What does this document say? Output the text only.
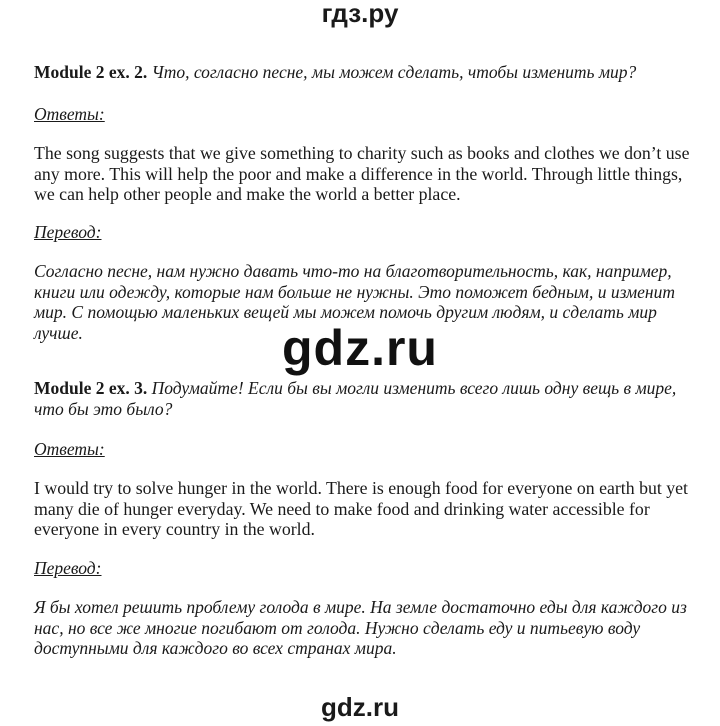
гдз.ру

Module 2 ex. 2. Что, согласно песне, мы можем сделать, чтобы изменить мир?

Ответы:

The song suggests that we give something to charity such as books and clothes we don’t use any more. This will help the poor and make a difference in the world. Through little things, we can help other people and make the world a better place.

Перевод:

Согласно песне, нам нужно давать что-то на благотворительность, как, например, книги или одежду, которые нам больше не нужны. Это поможет бедным, и изменит мир. С помощью маленьких вещей мы можем помочь другим людям, и сделать мир лучше.	gdz.ru

Module 2 ex. 3. Подумайте! Если бы вы могли изменить всего лишь одну вещь в мире, что бы это было?

Ответы:

I would try to solve hunger in the world. There is enough food for everyone on earth but yet many die of hunger everyday. We need to make food and drinking water accessible for everyone in every country in the world.

Перевод:

Я бы хотел решить проблему голода в мире. На земле достаточно еды для каждого из нас, но все же многие погибают от голода. Нужно сделать еду и питьевую воду доступными для каждого во всех странах мира.

gdz.ru
